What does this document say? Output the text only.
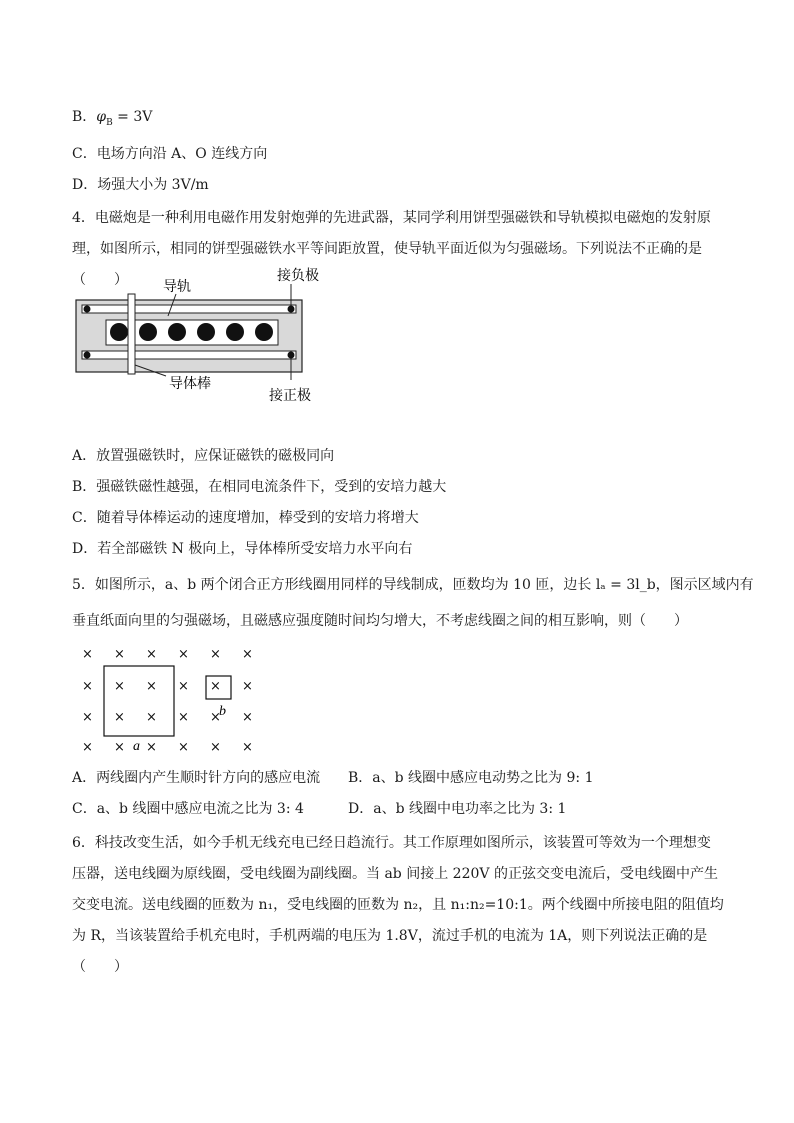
B．$\varphi_B = 3V$
C．电场方向沿 A、O 连线方向
D．场强大小为 3V/m
4．电磁炮是一种利用电磁作用发射炮弹的先进武器，某同学利用饼型强磁铁和导轨模拟电磁炮的发射原理，如图所示，相同的饼型强磁铁水平等间距放置，使导轨平面近似为匀强磁场。下列说法不正确的是（　　）	导轨
接负极
导体棒
接正极
A．放置强磁铁时，应保证磁铁的磁极同向
B．强磁铁磁性越强，在相同电流条件下，受到的安培力越大
C．随着导体棒运动的速度增加，棒受到的安培力将增大
D．若全部磁铁 N 极向上，导体棒所受安培力水平向右
5．如图所示，a、b 两个闭合正方形线圈用同样的导线制成，匝数均为 10 匝，边长 lₐ = 3l_b，图示区域内有
垂直纸面向里的匀强磁场，且磁感应强度随时间均匀增大，不考虑线圈之间的相互影响，则（　　）
× × × × × ×
× × × × × ×
× × × × × ×
× × × × × ×
a
b
A．两线圈内产生顺时针方向的感应电流 B．a、b 线圈中感应电动势之比为 9: 1
C．a、b 线圈中感应电流之比为 3: 4	D．a、b 线圈中电功率之比为 3: 1
6．科技改变生活，如今手机无线充电已经日趋流行。其工作原理如图所示，该装置可等效为一个理想变压器，送电线圈为原线圈，受电线圈为副线圈。当 ab 间接上 220V 的正弦交变电流后，受电线圈中产生交变电流。送电线圈的匝数为 n₁，受电线圈的匝数为 n₂，且 n₁:n₂=10:1。两个线圈中所接电阻的阻值均为 R，当该装置给手机充电时，手机两端的电压为 1.8V，流过手机的电流为 1A，则下列说法正确的是（　　）
